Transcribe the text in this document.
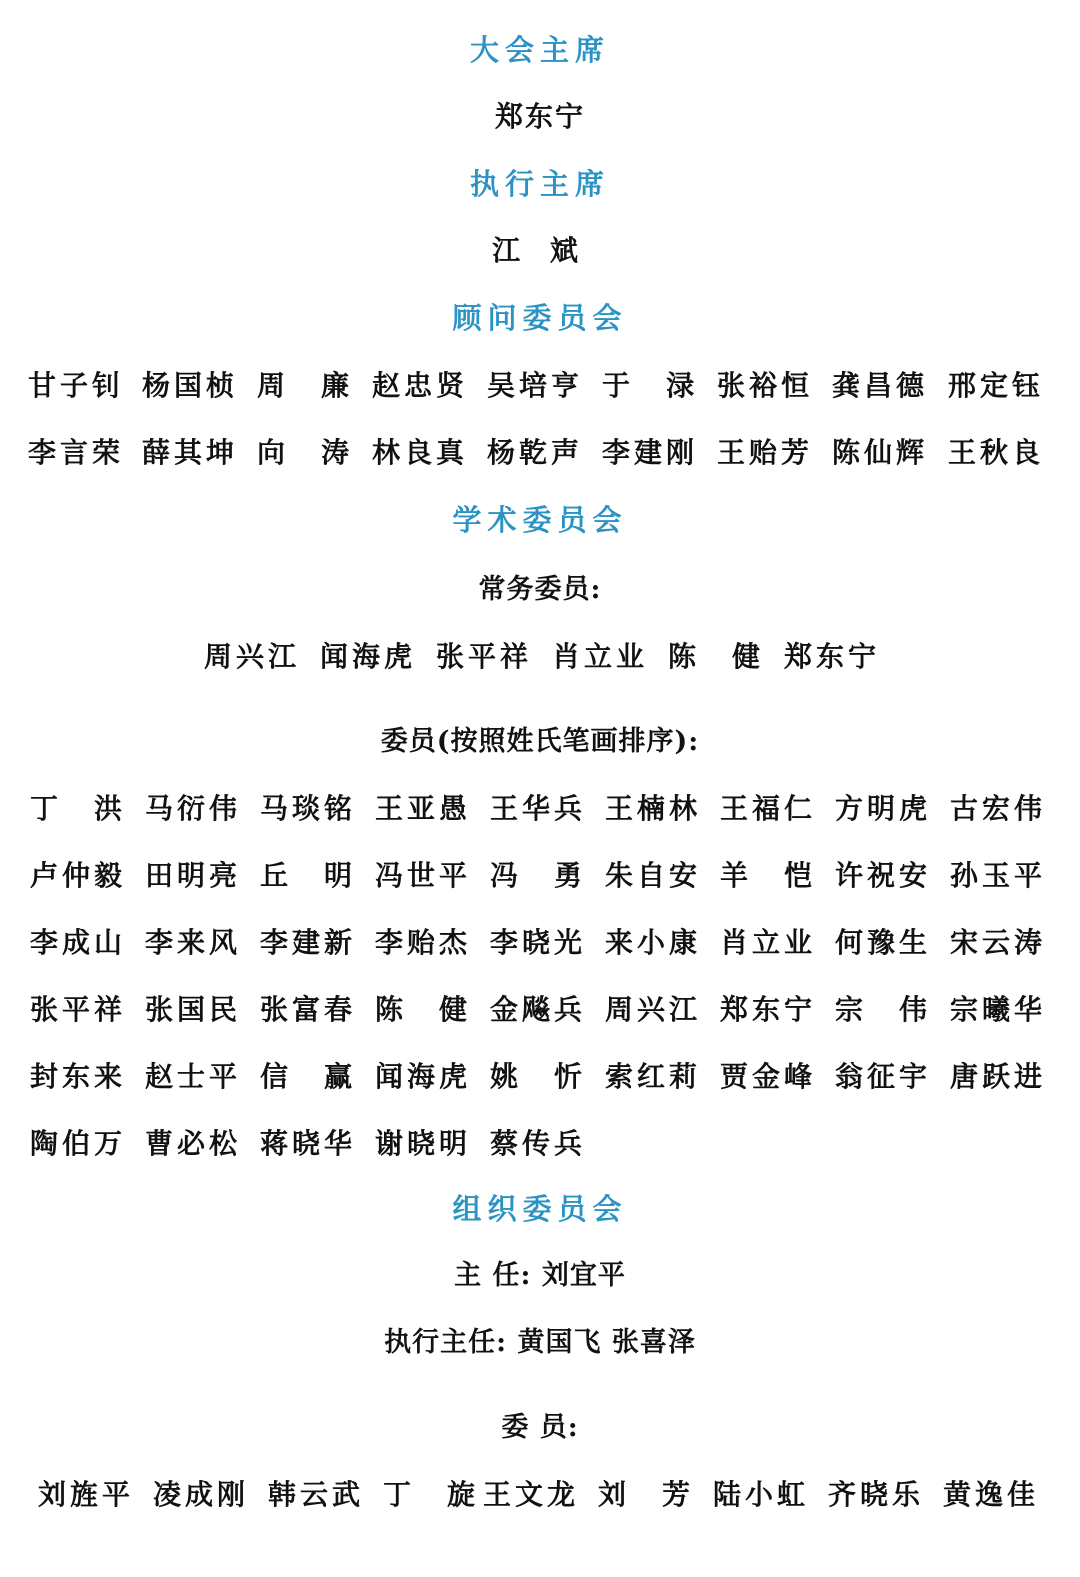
大会主席
郑东宁
执行主席
江 斌
顾问委员会
甘子钊 杨国桢 周 廉 赵忠贤 吴培亨 于 渌 张裕恒 龚昌德 邢定钰
李言荣 薛其坤 向 涛 林良真 杨乾声 李建刚 王贻芳 陈仙辉 王秋良
学术委员会
常务委员:
周兴江 闻海虎 张平祥 肖立业 陈 健 郑东宁
委员(按照姓氏笔画排序):
丁 洪 马衍伟 马琰铭 王亚愚 王华兵 王楠林 王福仁 方明虎 古宏伟
卢仲毅 田明亮 丘 明 冯世平 冯 勇 朱自安 羊 恺 许祝安 孙玉平
李成山 李来风 李建新 李贻杰 李晓光 来小康 肖立业 何豫生 宋云涛
张平祥 张国民 张富春 陈 健 金飚兵 周兴江 郑东宁 宗 伟 宗曦华
封东来 赵士平 信 赢 闻海虎 姚 忻 索红莉 贾金峰 翁征宇 唐跃进
陶伯万 曹必松 蒋晓华 谢晓明 蔡传兵
组织委员会
主 任: 刘宜平
执行主任: 黄国飞 张喜泽
委 员:
刘旌平 凌成刚 韩云武 丁 旋 王文龙 刘 芳 陆小虹 齐晓乐 黄逸佳
